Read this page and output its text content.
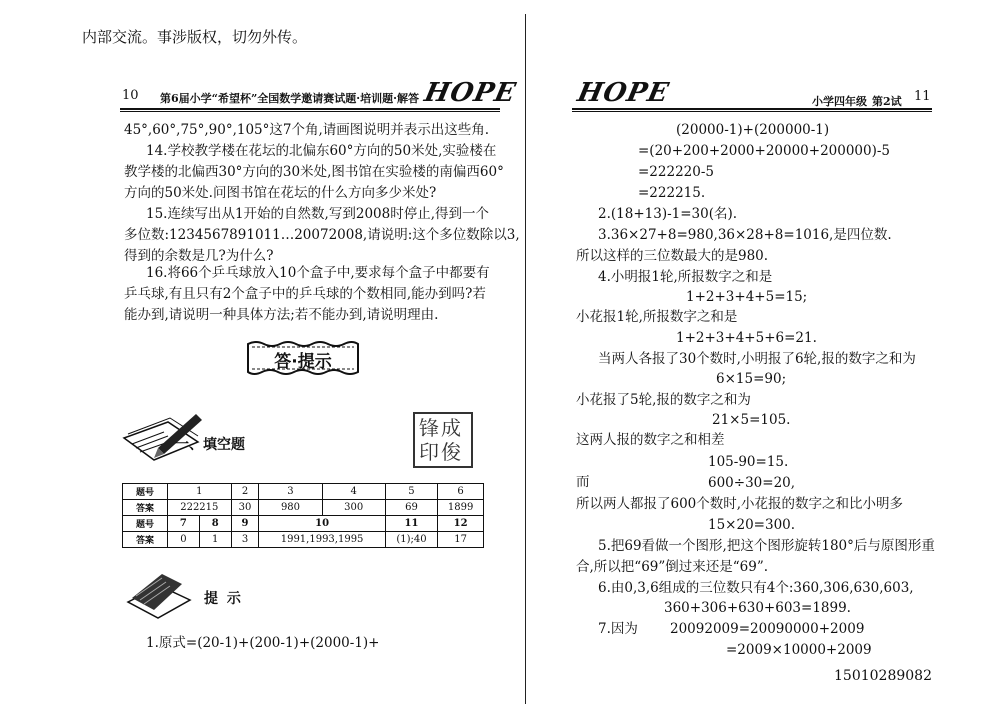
内部交流。事涉版权，切勿外传。
10 第6届小学“希望杯”全国数学邀请赛试题·培训题·解答 HOPE
45°,60°,75°,90°,105°这7个角,请画图说明并表示出这些角.
14.学校教学楼在花坛的北偏东60°方向的50米处,实验楼在
教学楼的北偏西30°方向的30米处,图书馆在实验楼的南偏西60°
方向的50米处.问图书馆在花坛的什么方向多少米处?
15.连续写出从1开始的自然数,写到2008时停止,得到一个
多位数:1234567891011…20072008,请说明:这个多位数除以3,
得到的余数是几?为什么?
16.将66个乒乓球放入10个盒子中,要求每个盒子中都要有
乒乓球,有且只有2个盒子中的乒乓球的个数相同,能办到吗?若
能办到,请说明一种具体方法;若不能办到,请说明理由.
答·提示
一、填空题
锋成印俊
题号	1		2	3	4	5	6
答案	222215		30	980	300	69	1899
题号	7	8	9	10		11	12
答案	0	1	3	1991,1993,1995		(1);40	17
提 示
1.原式=(20-1)+(200-1)+(2000-1)+
HOPE	小学四年级 第2试 11
(20000-1)+(200000-1)
=(20+200+2000+20000+200000)-5
=222220-5
=222215.
2.(18+13)-1=30(名).
3.36×27+8=980,36×28+8=1016,是四位数.
所以这样的三位数最大的是980.
4.小明报1轮,所报数字之和是
1+2+3+4+5=15;
小花报1轮,所报数字之和是
1+2+3+4+5+6=21.
当两人各报了30个数时,小明报了6轮,报的数字之和为
6×15=90;
小花报了5轮,报的数字之和为
21×5=105.
这两人报的数字之和相差
105-90=15.
而	600÷30=20,
所以两人都报了600个数时,小花报的数字之和比小明多
15×20=300.
5.把69看做一个图形,把这个图形旋转180°后与原图形重
合,所以把“69”倒过来还是“69”.
6.由0,3,6组成的三位数只有4个:360,306,630,603,
360+306+630+603=1899.
7.因为 20092009=20090000+2009
=2009×10000+2009
15010289082
